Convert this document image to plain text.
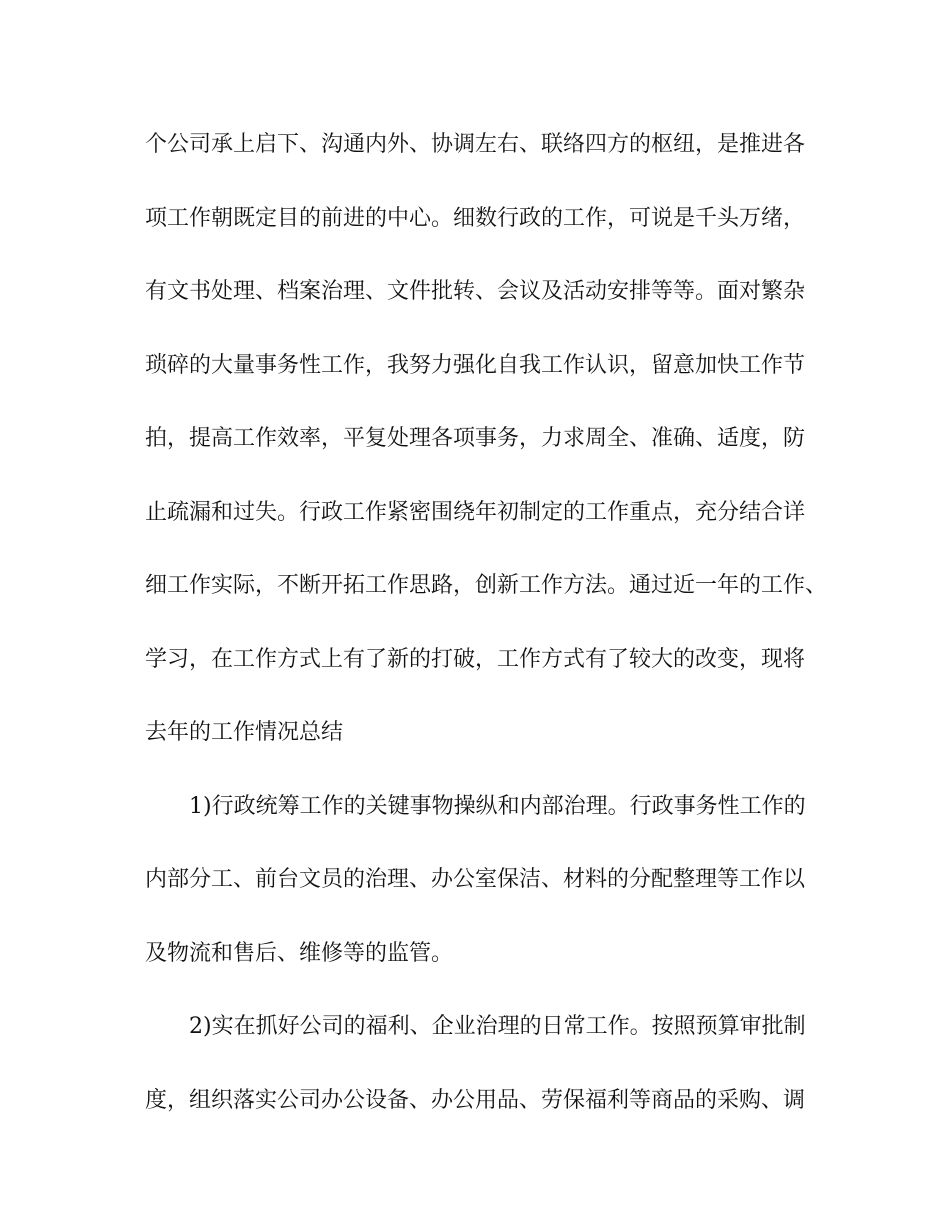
个公司承上启下、沟通内外、协调左右、联络四方的枢纽，是推进各
项工作朝既定目的前进的中心。细数行政的工作，可说是千头万绪，
有文书处理、档案治理、文件批转、会议及活动安排等等。面对繁杂
琐碎的大量事务性工作，我努力强化自我工作认识，留意加快工作节
拍，提高工作效率，平复处理各项事务，力求周全、准确、适度，防
止疏漏和过失。行政工作紧密围绕年初制定的工作重点，充分结合详
细工作实际，不断开拓工作思路，创新工作方法。通过近一年的工作、
学习，在工作方式上有了新的打破，工作方式有了较大的改变，现将
去年的工作情况总结
1)行政统筹工作的关键事物操纵和内部治理。行政事务性工作的
内部分工、前台文员的治理、办公室保洁、材料的分配整理等工作以
及物流和售后、维修等的监管。
2)实在抓好公司的福利、企业治理的日常工作。按照预算审批制
度，组织落实公司办公设备、办公用品、劳保福利等商品的采购、调
